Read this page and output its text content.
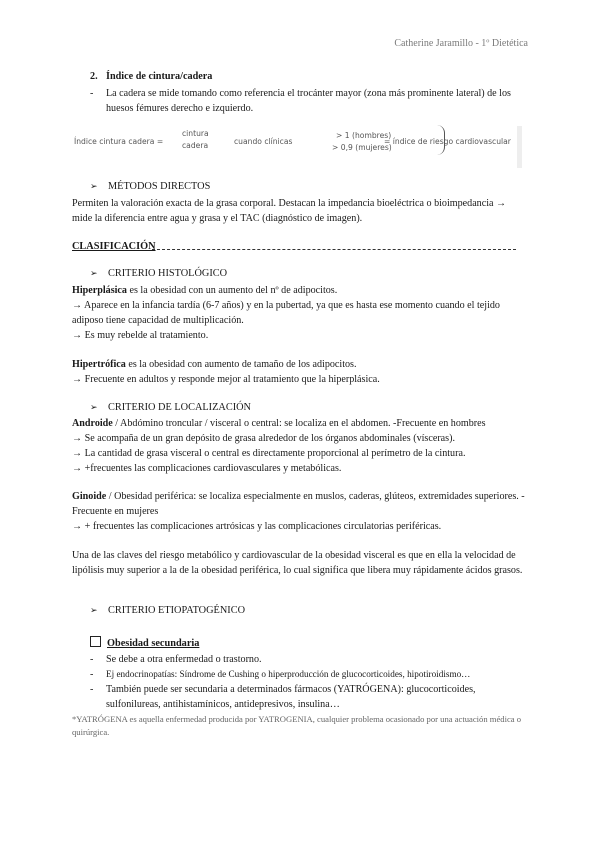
Catherine Jaramillo - 1º Dietética
2. Índice de cintura/cadera
- La cadera se mide tomando como referencia el trocánter mayor (zona más prominente lateral) de los huesos fémures derecho e izquierdo.
Índice cintura cadera =
cintura
cadera	cuando clínicas
> 1 (hombres)
> 0,9 (mujeres)
= índice de riesgo cardiovascular
➢ MÉTODOS DIRECTOS

Permiten la valoración exacta de la grasa corporal. Destacan la impedancia bioeléctrica o bioimpedancia → mide la diferencia entre agua y grasa y el TAC (diagnóstico de imagen).

CLASIFICACIÓN
➢ CRITERIO HISTOLÓGICO

Hiperplásica es la obesidad con un aumento del nº de adipocitos.

→ Aparece en la infancia tardía (6-7 años) y en la pubertad, ya que es hasta ese momento cuando el tejido adiposo tiene capacidad de multiplicación.

→ Es muy rebelde al tratamiento.

Hipertrófica es la obesidad con aumento de tamaño de los adipocitos.

→ Frecuente en adultos y responde mejor al tratamiento que la hiperplásica.

➢ CRITERIO DE LOCALIZACIÓN

Androide / Abdómino troncular / visceral o central: se localiza en el abdomen. -Frecuente en hombres

→ Se acompaña de un gran depósito de grasa alrededor de los órganos abdominales (vísceras).

→ La cantidad de grasa visceral o central es directamente proporcional al perímetro de la cintura.

→ +frecuentes las complicaciones cardiovasculares y metabólicas.

Ginoide / Obesidad periférica: se localiza especialmente en muslos, caderas, glúteos, extremidades superiores. -Frecuente en mujeres

→ + frecuentes las complicaciones artrósicas y las complicaciones circulatorias periféricas.

Una de las claves del riesgo metabólico y cardiovascular de la obesidad visceral es que en ella la velocidad de lipólisis muy superior a la de la obesidad periférica, lo cual significa que libera muy rápidamente ácidos grasos.

➢ CRITERIO ETIOPATOGÉNICO
Obesidad secundaria
- Se debe a otra enfermedad o trastorno.
- Ej endocrinopatías: Síndrome de Cushing o hiperproducción de glucocorticoides, hipotiroidismo…
- También puede ser secundaria a determinados fármacos (YATRÓGENA): glucocorticoides, sulfonilureas, antihistamínicos, antidepresivos, insulina…
*YATRÓGENA es aquella enfermedad producida por YATROGENIA, cualquier problema ocasionado por una actuación médica o quirúrgica.
